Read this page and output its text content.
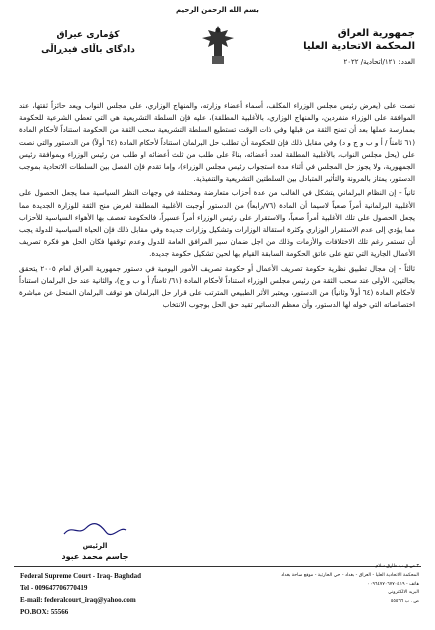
بسم الله الرحمن الرحيم
جمهورية العراق
المحكمة الاتحادية العليا
العدد: ١٢١/اتحادية/ ٢٠٢٢
كؤمارى عيراق
دادگای باڵای فیدڕاڵی

نصت على (يعرض رئيس مجلس الوزراء المكلف، أسماء أعضاء وزارته، والمنهاج الوزاري، على مجلس النواب ويعد حائزاً ثقتها، عند الموافقة على الوزراء منفردين، والمنهاج الوزاري، بالأغلبية المطلقة)، عليه فإن السلطة التشريعية هي التي تعطي الشرعية للحكومة بممارسة عملها بعد أن تمنح الثقة من قبلها وفي ذات الوقت تستطيع السلطة التشريعية سحب الثقة من الحكومة استناداً لأحكام المادة (٦١ ثامناً / أ و ب و ج و د) وفي مقابل ذلك فإن للحكومة أن تطلب حل البرلمان استناداً لأحكام المادة (٦٤ أولاً) من الدستور والتي نصت على (يحل مجلس النواب، بالأغلبية المطلقة لعدد أعضائه، بناءً على طلب من ثلث أعضائه او طلب من رئيس الوزراء وبموافقة رئيس الجمهورية، ولا يجوز حل المجلس في أثناء مدة استجواب رئيس مجلس الوزراء)، وإما تقدم فإن الفصل بين السلطات الاتحادية بموجب الدستور، يمتاز بالمرونة والتأثير المتبادل بين السلطتين التشريعية والتنفيذية.

ثانياً - إن النظام البرلماني يتشكل في الغالب من عدة أحزاب متعارضة ومختلفة في وجهات النظر السياسية مما يجعل الحصول على الأغلبية البرلمانية أمراً صعباً لاسيما أن المادة (٧٦/رابعاً) من الدستور أوجبت الأغلبية المطلقة لغرض منح الثقة للوزارة الجديدة مما يجعل الحصول على تلك الأغلبية أمراً صعباً، والاستقرار على رئيس الوزراء أمراً عسيراً، فالحكومة تعصف بها الأهواء السياسية للأحزاب مما يؤدي إلى عدم الاستقرار الوزاري وكثرة استقالة الوزارات وتشكيل وزارات جديدة وفي مقابل ذلك فإن الحياة السياسية للدولة يجب أن تستمر رغم تلك الاختلافات والأزمات وذلك من اجل ضمان سير المرافق العامة للدول وعدم توقفها فكان الحل هو فكرة تصريف الأعمال الجارية التي تقع على عاتق الحكومة السابقة القيام بها لحين تشكيل حكومة جديدة.

ثالثاً - إن مجال تطبيق نظرية حكومة تصريف الأعمال أو حكومة تصريف الأمور اليومية في دستور جمهورية العراق لعام ٢٠٠٥ يتحقق بحالتين، الأولى عند سحب الثقة من رئيس مجلس الوزراء استناداً لأحكام المادة (٦١/ ثامناً/ أ و ب و ج)، والثانية عند حل البرلمان استناداً لأحكام المادة (٦٤ أولاً وثانياً) من الدستور، ويعتبر الأثر الطبيعي المترتب على قرار حل البرلمان هو توقف البرلمان المنحل عن مباشرة اختصاصاته التي خوله لها الدستور، وأن معظم الدساتير تقيد حق الحل بوجوب الانتخاب

الرئيس
جاسم محمد عبود
Federal Supreme Court - Iraq- Baghdad
Tel - 009647706770419
E-mail: federalcourt_iraq@yahoo.com
PO.BOX: 55566
٣ ص ق ب طارق سلام
المحكمة الاتحادية العليا - العراق - بغداد - حي الحارثية - موقع ساحة بغداد
هاتف - ٠٠٩٦٤٧٧٠٦٧٧٠٤١٩
البريد الالكتروني
ص . ب ٥٥٥٦٦
